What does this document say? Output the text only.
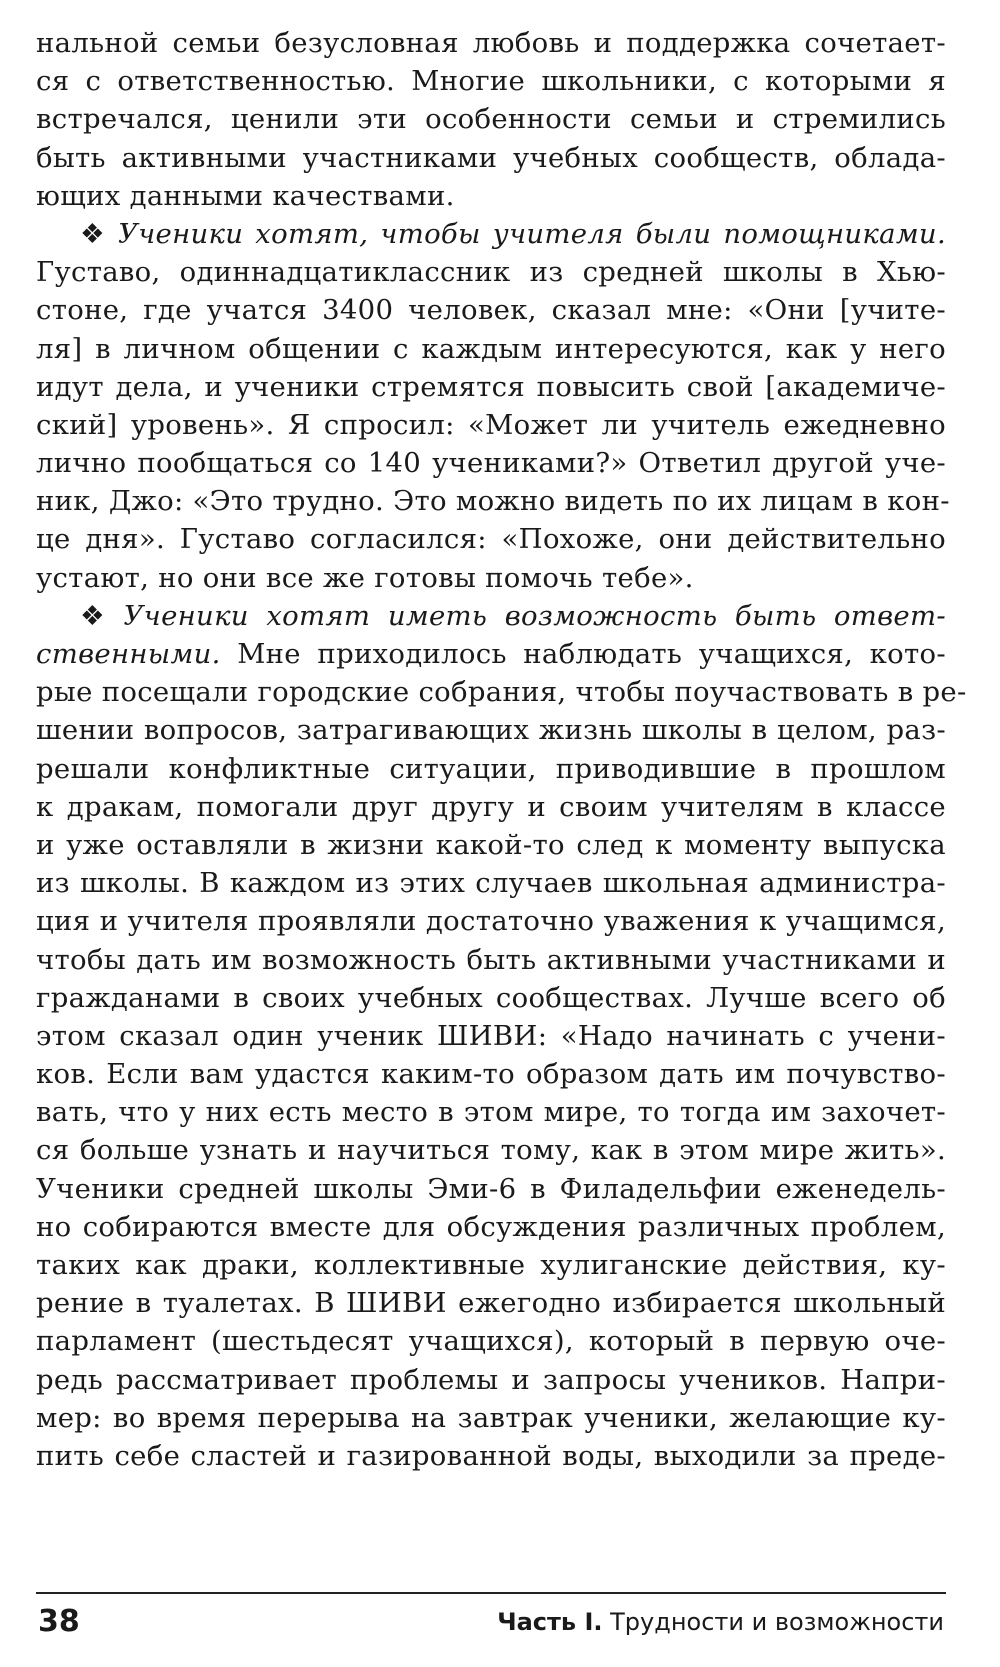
нальной семьи безусловная любовь и поддержка сочетает-
ся с ответственностью. Многие школьники, с которыми я
встречался, ценили эти особенности семьи и стремились
быть активными участниками учебных сообществ, облада-
ющих данными качествами.
❖ Ученики хотят, чтобы учителя были помощниками.
Густаво, одиннадцатиклассник из средней школы в Хью-
стоне, где учатся 3400 человек, сказал мне: «Они [учите-
ля] в личном общении с каждым интересуются, как у него
идут дела, и ученики стремятся повысить свой [академиче-
ский] уровень». Я спросил: «Может ли учитель ежедневно
лично пообщаться со 140 учениками?» Ответил другой уче-
ник, Джо: «Это трудно. Это можно видеть по их лицам в кон-
це дня». Густаво согласился: «Похоже, они действительно
устают, но они все же готовы помочь тебе».
❖ Ученики хотят иметь возможность быть ответ-
ственными. Мне приходилось наблюдать учащихся, кото-
рые посещали городские собрания, чтобы поучаствовать в ре-
шении вопросов, затрагивающих жизнь школы в целом, раз-
решали конфликтные ситуации, приводившие в прошлом
к дракам, помогали друг другу и своим учителям в классе
и уже оставляли в жизни какой-то след к моменту выпуска
из школы. В каждом из этих случаев школьная администра-
ция и учителя проявляли достаточно уважения к учащимся,
чтобы дать им возможность быть активными участниками и
гражданами в своих учебных сообществах. Лучше всего об
этом сказал один ученик ШИВИ: «Надо начинать с учени-
ков. Если вам удастся каким-то образом дать им почувство-
вать, что у них есть место в этом мире, то тогда им захочет-
ся больше узнать и научиться тому, как в этом мире жить».
Ученики средней школы Эми-6 в Филадельфии еженедель-
но собираются вместе для обсуждения различных проблем,
таких как драки, коллективные хулиганские действия, ку-
рение в туалетах. В ШИВИ ежегодно избирается школьный
парламент (шестьдесят учащихся), который в первую оче-
редь рассматривает проблемы и запросы учеников. Напри-
мер: во время перерыва на завтрак ученики, желающие ку-
пить себе сластей и газированной воды, выходили за преде-
38	Часть I. Трудности и возможности
